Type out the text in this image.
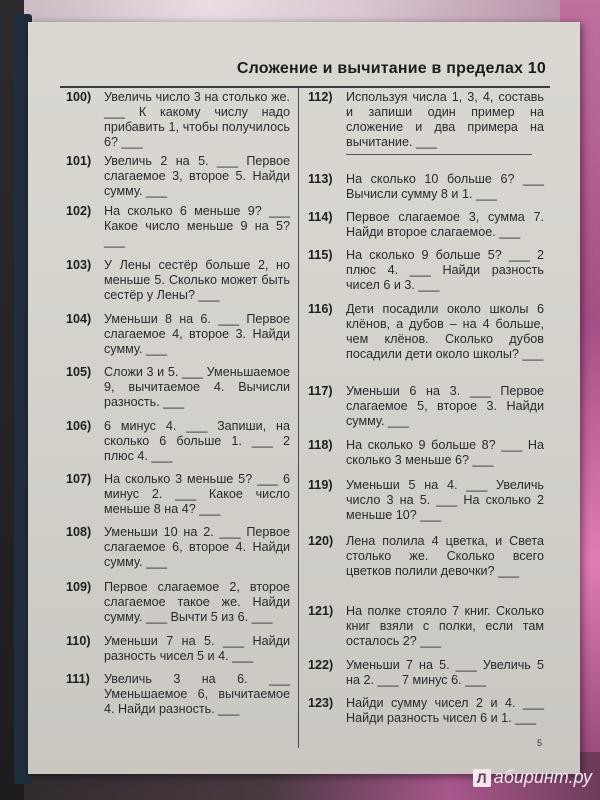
Сложение и вычитание в пределах 10
100) Увеличь число 3 на столько же. ___ К какому числу надо прибавить 1, чтобы получилось 6? ___
101) Увеличь 2 на 5. ___ Первое слагаемое 3, второе 5. Найди сумму. ___
102) На сколько 6 меньше 9? ___ Какое число меньше 9 на 5? ___
103) У Лены сестёр больше 2, но меньше 5. Сколько может быть сестёр у Лены? ___
104) Уменьши 8 на 6. ___ Первое слагаемое 4, второе 3. Найди сумму. ___
105) Сложи 3 и 5. ___ Уменьшаемое 9, вычитаемое 4. Вычисли разность. ___
106) 6 минус 4. ___ Запиши, на сколько 6 больше 1. ___ 2 плюс 4. ___
107) На сколько 3 меньше 5? ___ 6 минус 2. ___ Какое число меньше 8 на 4? ___
108) Уменьши 10 на 2. ___ Первое слагаемое 6, второе 4. Найди сумму. ___
109) Первое слагаемое 2, второе слагаемое такое же. Найди сумму. ___ Вычти 5 из 6. ___
110) Уменьши 7 на 5. ___ Найди разность чисел 5 и 4. ___
111) Увеличь 3 на 6. ___ Уменьшаемое 6, вычитаемое 4. Найди разность. ___
112) Используя числа 1, 3, 4, составь и запиши один пример на сложение и два примера на вычитание. ___
113) На сколько 10 больше 6? ___ Вычисли сумму 8 и 1. ___
114) Первое слагаемое 3, сумма 7. Найди второе слагаемое. ___
115) На сколько 9 больше 5? ___ 2 плюс 4. ___ Найди разность чисел 6 и 3. ___
116) Дети посадили около школы 6 клёнов, а дубов – на 4 больше, чем клёнов. Сколько дубов посадили дети около школы? ___
117) Уменьши 6 на 3. ___ Первое слагаемое 5, второе 3. Найди сумму. ___
118) На сколько 9 больше 8? ___ На сколько 3 меньше 6? ___
119) Уменьши 5 на 4. ___ Увеличь число 3 на 5. ___ На сколько 2 меньше 10? ___
120) Лена полила 4 цветка, и Света столько же. Сколько всего цветков полили девочки? ___
121) На полке стояло 7 книг. Сколько книг взяли с полки, если там осталось 2? ___
122) Уменьши 7 на 5. ___ Увеличь 5 на 2. ___ 7 минус 6. ___
123) Найди сумму чисел 2 и 4. ___ Найди разность чисел 6 и 1. ___
5
Л абиринт.ру
